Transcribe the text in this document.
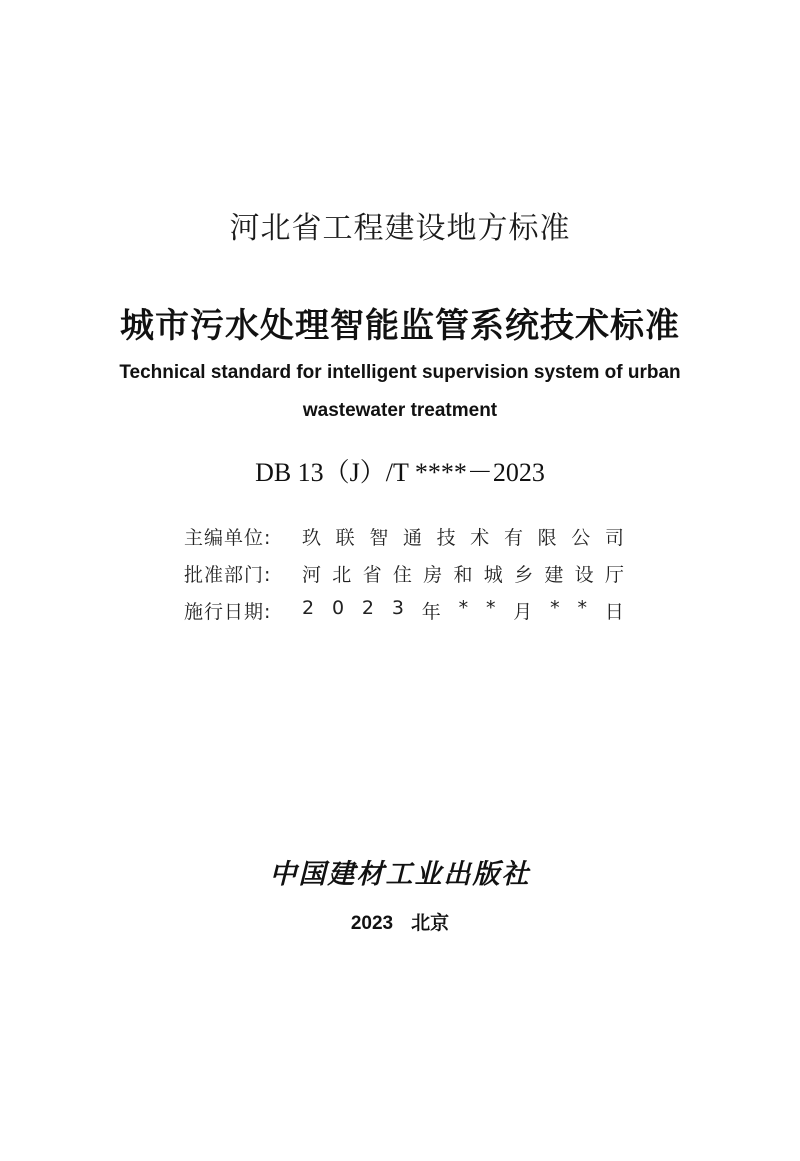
河北省工程建设地方标准
城市污水处理智能监管系统技术标准
Technical standard for intelligent supervision system of urban wastewater treatment
DB 13（J）/T ****－2023
主编单位:	玖 联 智 通 技 术 有 限 公 司
批准部门:	河 北 省 住 房 和 城 乡 建 设 厅
施行日期:	2 0 2 3 年 * * 月 * * 日
中国建材工业出版社
2023 北京
